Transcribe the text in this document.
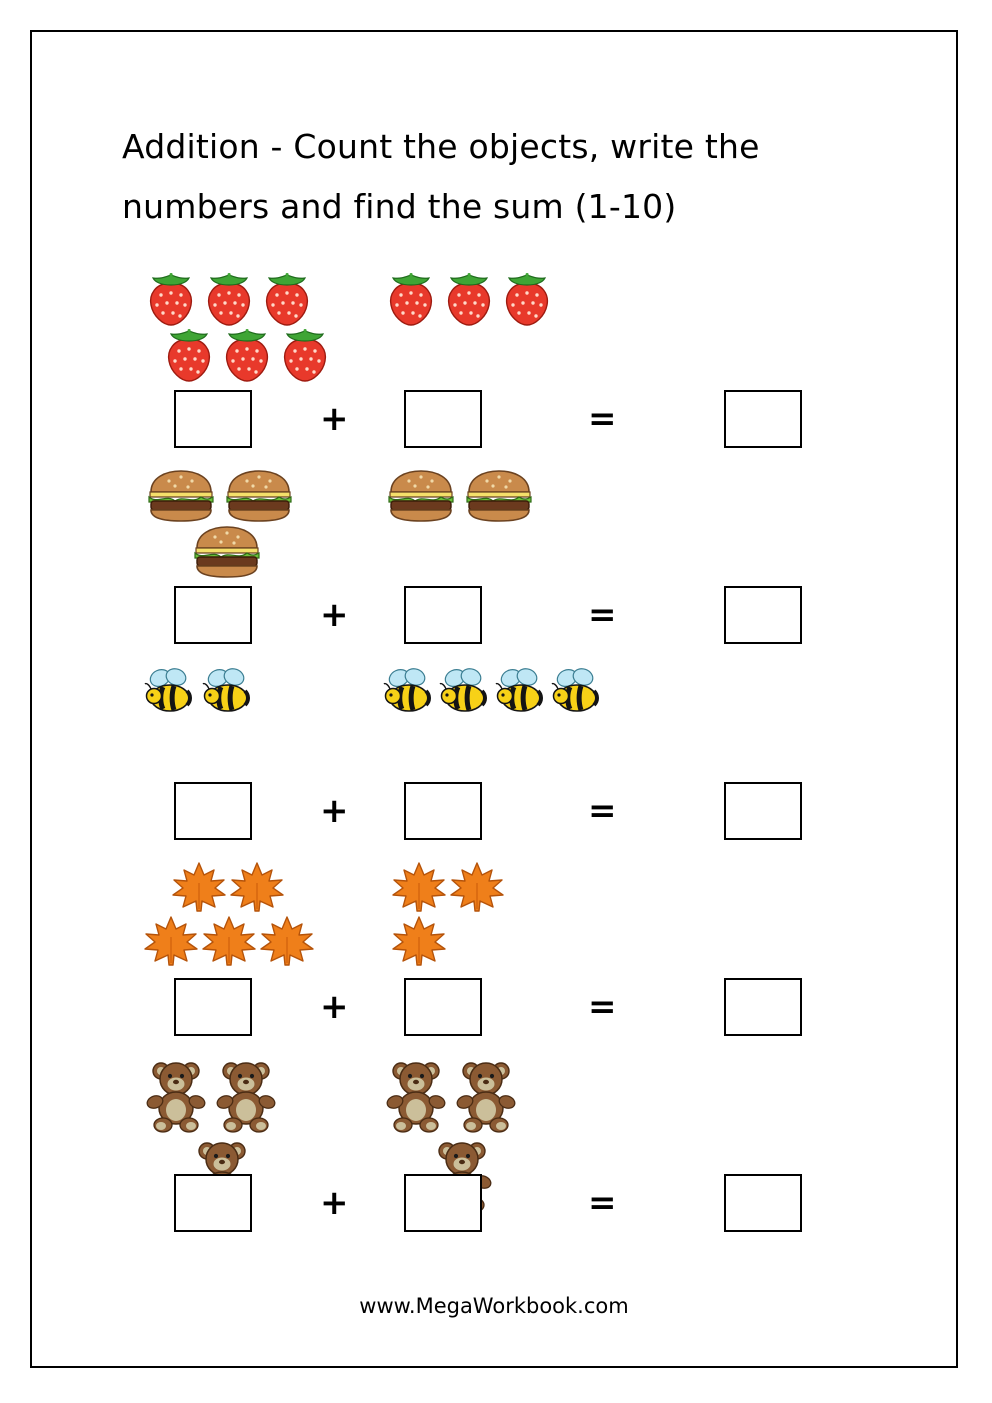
Addition - Count the objects, write the numbers and find the sum (1-10)
+	=
+	=
+	=
+	=
+	=
www.MegaWorkbook.com
